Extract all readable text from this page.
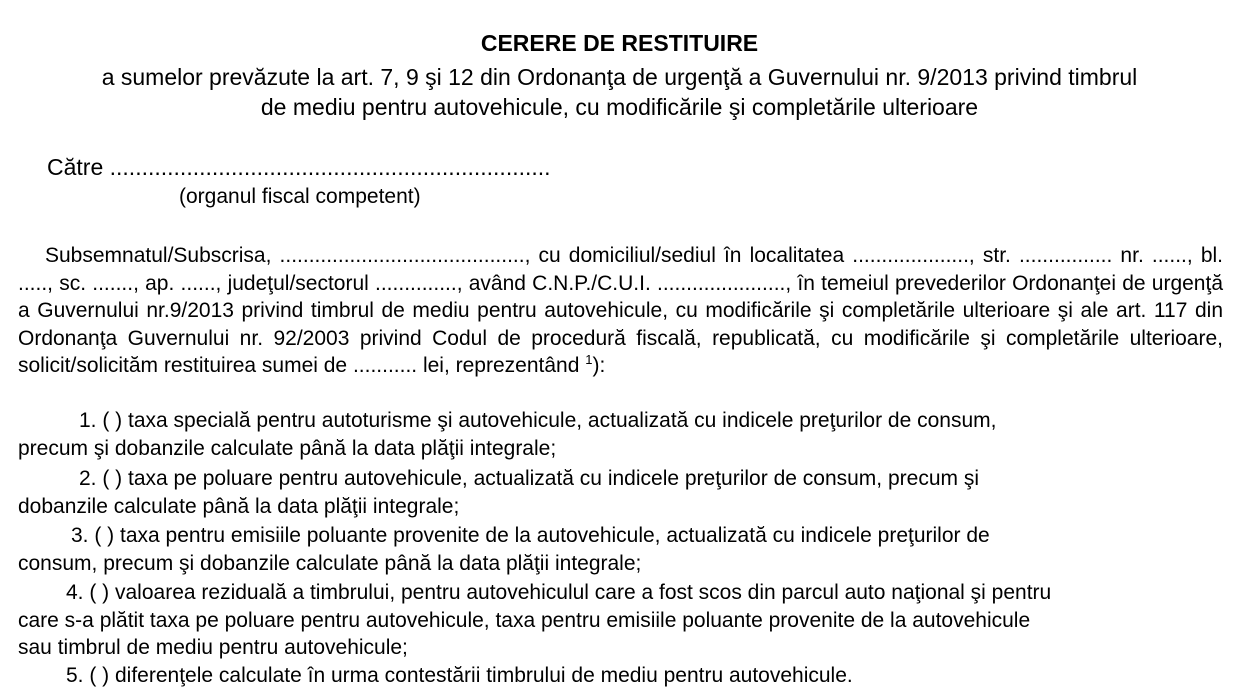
CERERE DE RESTITUIRE
a sumelor prevăzute la art. 7, 9 şi 12 din Ordonanţa de urgenţă a Guvernului nr. 9/2013 privind timbrul
de mediu pentru autovehicule, cu modificările şi completările ulterioare
Către .....................................................................
(organul fiscal competent)
Subsemnatul/Subscrisa, .........................................., cu domiciliul/sediul în localitatea ...................., str. ................ nr. ......, bl. ....., sc. ......., ap. ......, judeţul/sectorul .............., având C.N.P./C.U.I. ......................, în temeiul prevederilor Ordonanţei de urgenţă a Guvernului nr.9/2013 privind timbrul de mediu pentru autovehicule, cu modificările şi completările ulterioare şi ale art. 117 din Ordonanţa Guvernului nr. 92/2003 privind Codul de procedură fiscală, republicată, cu modificările şi completările ulterioare, solicit/solicităm restituirea sumei de ........... lei, reprezentând $^1$):
1. ( ) taxa specială pentru autoturisme şi autovehicule, actualizată cu indicele preţurilor de consum,
precum şi dobanzile calculate până la data plăţii integrale;
2. ( ) taxa pe poluare pentru autovehicule, actualizată cu indicele preţurilor de consum, precum şi
dobanzile calculate până la data plăţii integrale;
3. ( ) taxa pentru emisiile poluante provenite de la autovehicule, actualizată cu indicele preţurilor de
consum, precum şi dobanzile calculate până la data plăţii integrale;
4. ( ) valoarea reziduală a timbrului, pentru autovehiculul care a fost scos din parcul auto naţional şi pentru
care s-a plătit taxa pe poluare pentru autovehicule, taxa pentru emisiile poluante provenite de la autovehicule
sau timbrul de mediu pentru autovehicule;
5. ( ) diferenţele calculate în urma contestării timbrului de mediu pentru autovehicule.
